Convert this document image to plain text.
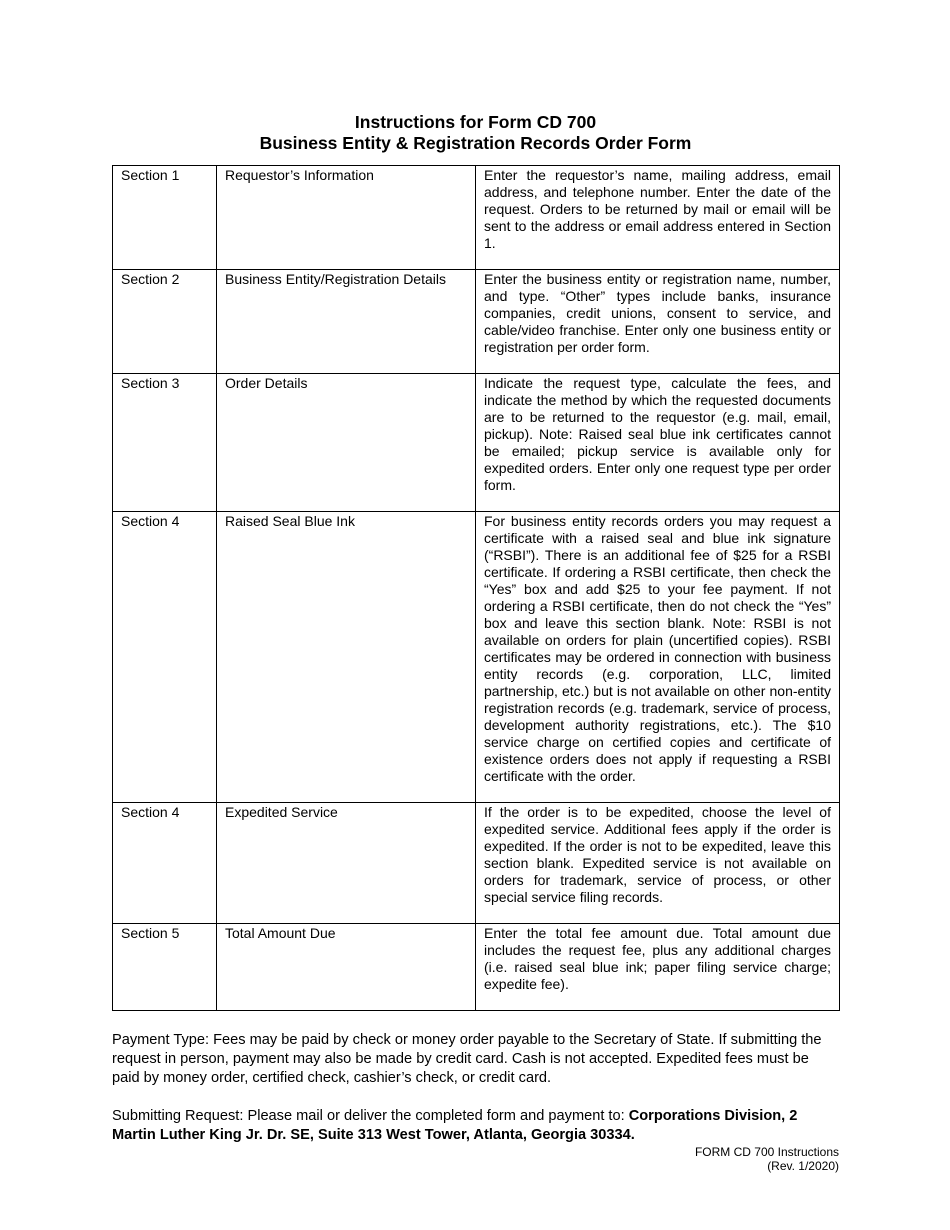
Instructions for Form CD 700
Business Entity & Registration Records Order Form
Section 1	Requestor’s Information	Enter the requestor’s name, mailing address, email address, and telephone number. Enter the date of the request. Orders to be returned by mail or email will be sent to the address or email address entered in Section 1.
Section 2	Business Entity/Registration Details	Enter the business entity or registration name, number, and type. “Other” types include banks, insurance companies, credit unions, consent to service, and cable/video franchise. Enter only one business entity or registration per order form.
Section 3	Order Details	Indicate the request type, calculate the fees, and indicate the method by which the requested documents are to be returned to the requestor (e.g. mail, email, pickup). Note: Raised seal blue ink certificates cannot be emailed; pickup service is available only for expedited orders. Enter only one request type per order form.
Section 4	Raised Seal Blue Ink	For business entity records orders you may request a certificate with a raised seal and blue ink signature (“RSBI”). There is an additional fee of $25 for a RSBI certificate. If ordering a RSBI certificate, then check the “Yes” box and add $25 to your fee payment. If not ordering a RSBI certificate, then do not check the “Yes” box and leave this section blank. Note: RSBI is not available on orders for plain (uncertified copies). RSBI certificates may be ordered in connection with business entity records (e.g. corporation, LLC, limited partnership, etc.) but is not available on other non-entity registration records (e.g. trademark, service of process, development authority registrations, etc.). The $10 service charge on certified copies and certificate of existence orders does not apply if requesting a RSBI certificate with the order.
Section 4	Expedited Service	If the order is to be expedited, choose the level of expedited service. Additional fees apply if the order is expedited. If the order is not to be expedited, leave this section blank. Expedited service is not available on orders for trademark, service of process, or other special service filing records.
Section 5	Total Amount Due	Enter the total fee amount due. Total amount due includes the request fee, plus any additional charges (i.e. raised seal blue ink; paper filing service charge; expedite fee).

Payment Type: Fees may be paid by check or money order payable to the Secretary of State. If submitting the request in person, payment may also be made by credit card. Cash is not accepted. Expedited fees must be paid by money order, certified check, cashier’s check, or credit card.

Submitting Request: Please mail or deliver the completed form and payment to: Corporations Division, 2 Martin Luther King Jr. Dr. SE, Suite 313 West Tower, Atlanta, Georgia 30334.

FORM CD 700 Instructions
(Rev. 1/2020)
